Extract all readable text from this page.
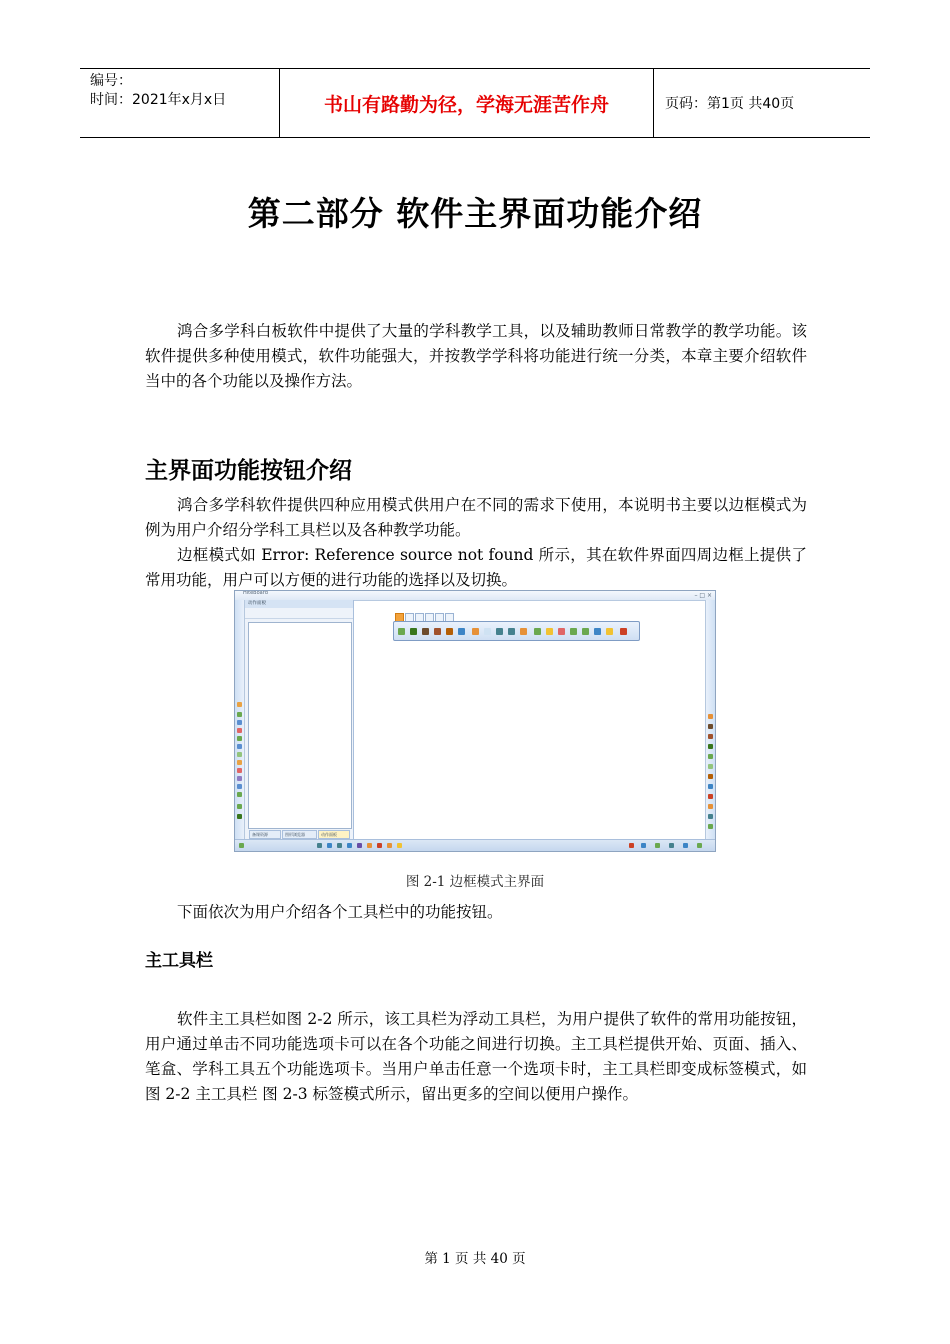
编号：
时间：2021年x月x日	书山有路勤为径，学海无涯苦作舟	页码：第1页 共40页
第二部分 软件主界面功能介绍

鸿合多学科白板软件中提供了大量的学科教学工具，以及辅助教师日常教学的教学功能。该软件提供多种使用模式，软件功能强大，并按教学学科将功能进行统一分类，本章主要介绍软件当中的各个功能以及操作方法。

主界面功能按钮介绍

鸿合多学科软件提供四种应用模式供用户在不同的需求下使用，本说明书主要以边框模式为例为用户介绍分学科工具栏以及各种教学功能。

边框模式如 Error: Reference source not found 所示，其在软件界面四周边框上提供了常用功能，用户可以方便的进行功能的选择以及切换。

HiteBoard	– □ ×
动作面板
备课资源	图形浏览器	动作面板
图 2-1 边框模式主界面

下面依次为用户介绍各个工具栏中的功能按钮。

主工具栏

软件主工具栏如图 2-2 所示，该工具栏为浮动工具栏，为用户提供了软件的常用功能按钮，用户通过单击不同功能选项卡可以在各个功能之间进行切换。主工具栏提供开始、页面、插入、笔盒、学科工具五个功能选项卡。当用户单击任意一个选项卡时，主工具栏即变成标签模式，如图 2-2 主工具栏 图 2-3 标签模式所示，留出更多的空间以便用户操作。

第 1 页 共 40 页
